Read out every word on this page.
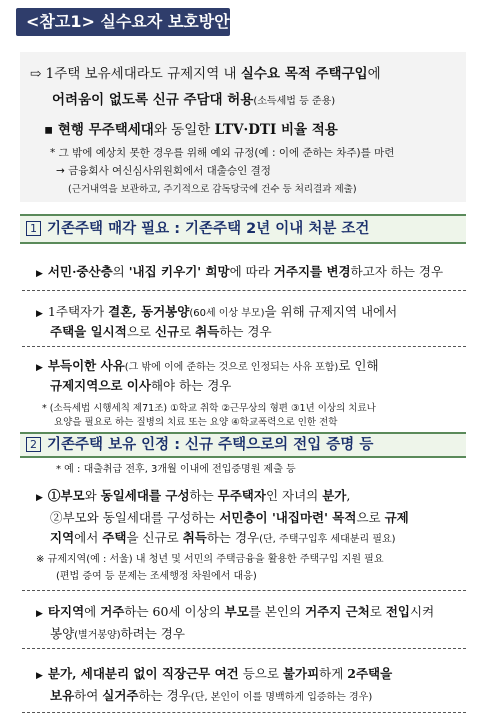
<참고1> 실수요자 보호방안
⇨ 1주택 보유세대라도 규제지역 내 실수요 목적 주택구입에
어려움이 없도록 신규 주담대 허용(소득세법 등 준용)
▪ 현행 무주택세대와 동일한 LTV·DTI 비율 적용
* 그 밖에 예상치 못한 경우를 위해 예외 규정(예 : 이에 준하는 차주)를 마련
→ 금융회사 여신심사위원회에서 대출승인 결정
(근거내역을 보관하고, 주기적으로 감독당국에 건수 등 처리결과 제출)
1 기존주택 매각 필요 : 기존주택 2년 이내 처분 조건
▶ 서민·중산층의 '내집 키우기' 희망에 따라 거주지를 변경하고자 하는 경우
▶ 1주택자가 결혼, 동거봉양(60세 이상 부모)을 위해 규제지역 내에서
주택을 일시적으로 신규로 취득하는 경우
▶ 부득이한 사유(그 밖에 이에 준하는 것으로 인정되는 사유 포함)로 인해
규제지역으로 이사해야 하는 경우
* (소득세법 시행세칙 제71조) ①학교 취학 ②근무상의 형편 ③1년 이상의 치료나
2 기존주택 보유 인정 : 신규 주택으로의 전입 증명 등
* 예 : 대출취급 전후, 3개월 이내에 전입증명원 제출 등
요양을 필요로 하는 질병의 치료 또는 요양 ④학교폭력으로 인한 전학
▶ ①부모와 동일세대를 구성하는 무주택자인 자녀의 분가,
②부모와 동일세대를 구성하는 서민층이 '내집마련' 목적으로 규제
지역에서 주택을 신규로 취득하는 경우(단, 주택구입후 세대분리 필요)
※ 규제지역(예 : 서울) 내 청년 및 서민의 주택금융을 활용한 주택구입 지원 필요
(편법 증여 등 문제는 조세행정 차원에서 대응)
▶ 타지역에 거주하는 60세 이상의 부모를 본인의 거주지 근처로 전입시켜
봉양(별거봉양)하려는 경우
▶ 분가, 세대분리 없이 직장근무 여건 등으로 불가피하게 2주택을
보유하여 실거주하는 경우(단, 본인이 이를 명백하게 입증하는 경우)
